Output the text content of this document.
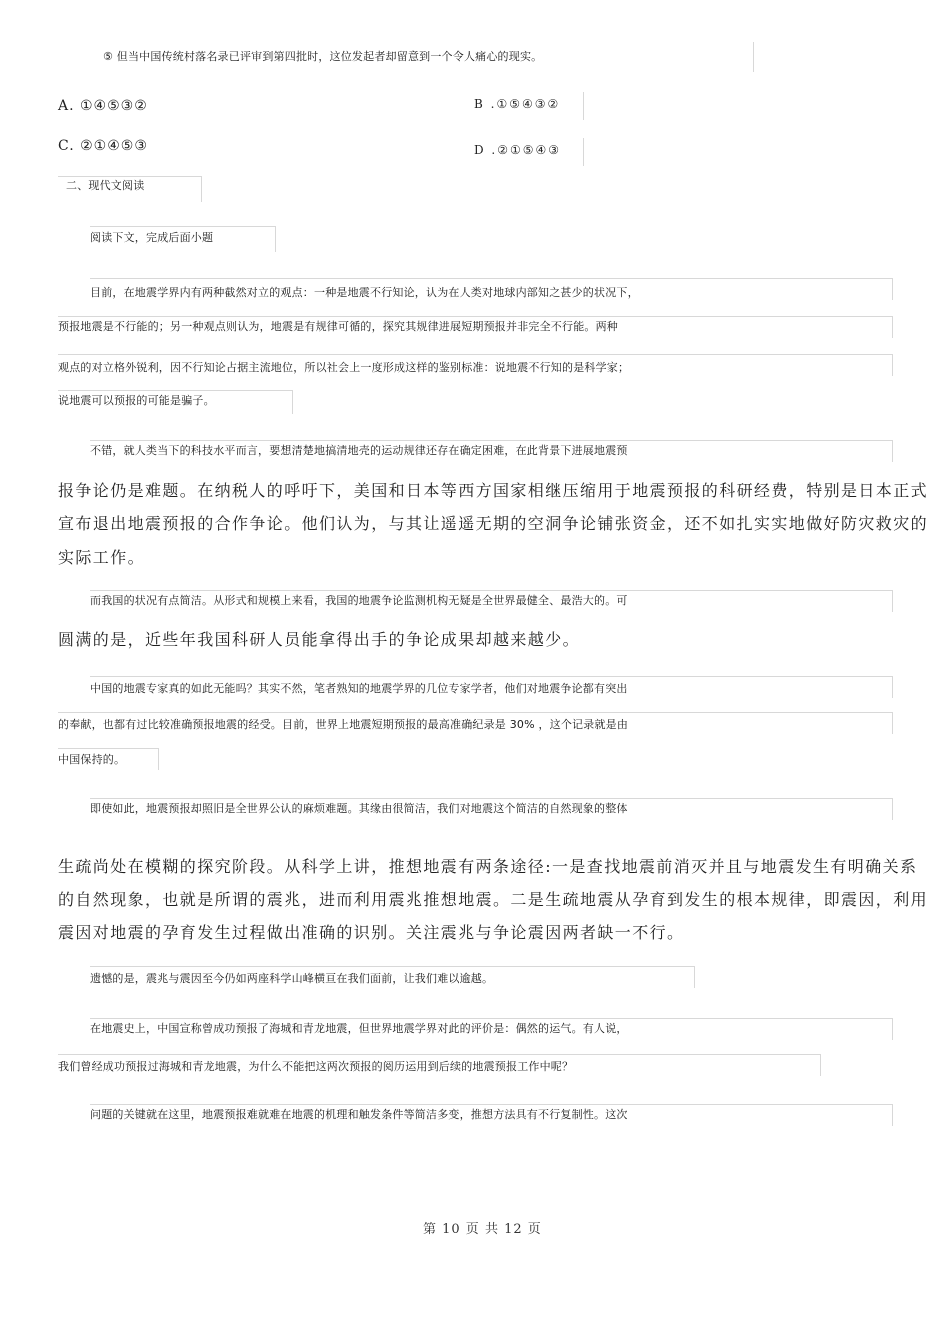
⑤ 但当中国传统村落名录已评审到第四批时，这位发起者却留意到一个令人痛心的现实。
A. ①④⑤③②	B .①⑤④③②
C. ②①④⑤③	D .②①⑤④③
二、现代文阅读
阅读下文，完成后面小题
目前，在地震学界内有两种截然对立的观点：一种是地震不行知论，认为在人类对地球内部知之甚少的状况下，
预报地震是不行能的；另一种观点则认为，地震是有规律可循的，探究其规律进展短期预报并非完全不行能。两种
观点的对立格外锐利，因不行知论占据主流地位，所以社会上一度形成这样的鉴别标准：说地震不行知的是科学家；
说地震可以预报的可能是骗子。
不错，就人类当下的科技水平而言，要想清楚地搞清地壳的运动规律还存在确定困难，在此背景下进展地震预
报争论仍是难题。在纳税人的呼吁下，美国和日本等西方国家相继压缩用于地震预报的科研经费，特别是日本正式
宣布退出地震预报的合作争论。他们认为，与其让遥遥无期的空洞争论铺张资金，还不如扎实实地做好防灾救灾的
实际工作。
而我国的状况有点简洁。从形式和规模上来看，我国的地震争论监测机构无疑是全世界最健全、最浩大的。可
圆满的是，近些年我国科研人员能拿得出手的争论成果却越来越少。
中国的地震专家真的如此无能吗？其实不然，笔者熟知的地震学界的几位专家学者，他们对地震争论都有突出
的奉献，也都有过比较准确预报地震的经受。目前，世界上地震短期预报的最高准确纪录是 30% ，这个记录就是由
中国保持的。
即使如此，地震预报却照旧是全世界公认的麻烦难题。其缘由很简洁，我们对地震这个简洁的自然现象的整体
生疏尚处在模糊的探究阶段。从科学上讲，推想地震有两条途径:一是查找地震前消灭并且与地震发生有明确关系
的自然现象，也就是所谓的震兆，进而利用震兆推想地震。二是生疏地震从孕育到发生的根本规律，即震因，利用
震因对地震的孕育发生过程做出准确的识别。关注震兆与争论震因两者缺一不行。
遗憾的是，震兆与震因至今仍如两座科学山峰横亘在我们面前，让我们难以逾越。
在地震史上，中国宣称曾成功预报了海城和青龙地震，但世界地震学界对此的评价是：偶然的运气。有人说，
我们曾经成功预报过海城和青龙地震，为什么不能把这两次预报的阅历运用到后续的地震预报工作中呢？
问题的关键就在这里，地震预报难就难在地震的机理和触发条件等简洁多变，推想方法具有不行复制性。这次
第 10 页 共 12 页
